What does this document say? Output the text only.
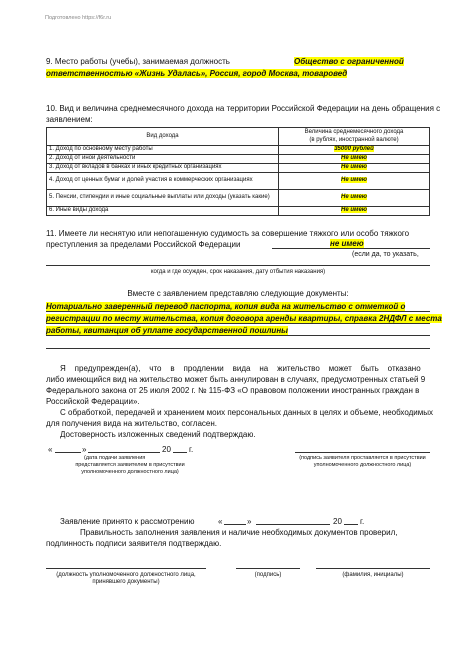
Подготовлено https://f6r.ru
9. Место работы (учебы), занимаемая должность	Общество с ограниченной
ответственностью «Жизнь Удалась», Россия, город Москва, товаровед
10. Вид и величина среднемесячного дохода на территории Российской Федерации на день обращения с
заявлением:
Вид дохода	Величина среднемесячного дохода
(в рублях, иностранной валюте)

1. Доход по основному месту работы	35000 рублей
2. Доход от иной деятельности	Не имею
3. Доход от вкладов в банках и иных кредитных организациях	Не имею
4. Доход от ценных бумаг и долей участия в коммерческих организациях	Не имею
5. Пенсии, стипендии и иные социальные выплаты или доходы (указать какие)	Не имею
6. Иные виды дохода	Не имею
11. Имеете ли неснятую или непогашенную судимость за совершение тяжкого или особо тяжкого
преступления за пределами Российской Федерации	не имею
(если да, то указать,
когда и где осужден, срок наказания, дату отбытия наказания)
Вместе с заявлением представляю следующие документы:
Нотариально заверенный перевод паспорта, копия вида на жительство с отметкой о
регистрации по месту жительства, копия договора аренды квартиры, справка 2НДФЛ с места
работы, квитанция об уплате государственной пошлины
Я    предупрежден(а),    что    в    продлении    вида    на    жительство    может    быть    отказано
либо имеющийся вид на жительство может быть аннулирован в случаях, предусмотренных статьей 9
Федерального закона от 25 июля 2002 г. № 115-ФЗ «О правовом положении иностранных граждан в
Российской Федерации».
С обработкой, передачей и хранением моих персональных данных в целях и объеме, необходимых
для получения вида на жительство, согласен.
Достоверность изложенных сведений подтверждаю.
«	»	20 г.
(дата подачи заявления
представляется заявителем в присутствии
уполномоченного должностного лица)
(подпись заявителя проставляется в присутствии
уполномоченного должностного лица)
Заявление принято к рассмотрению	«	»	20 г.
Правильность заполнения заявления и наличие необходимых документов проверил,
подлинность подписи заявителя подтверждаю.
(должность уполномоченного должностного лица,
принявшего документы)
(подпись)	(фамилия, инициалы)
